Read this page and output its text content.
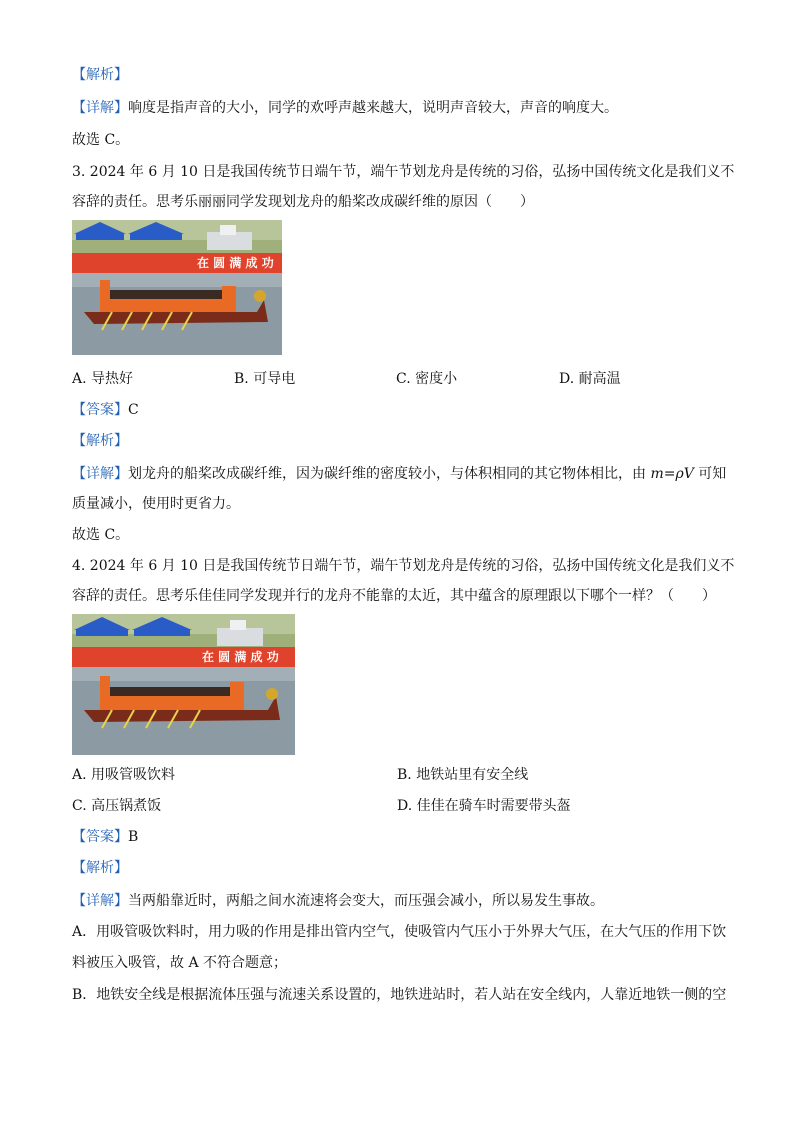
【解析】
【详解】响度是指声音的大小，同学的欢呼声越来越大，说明声音较大，声音的响度大。
故选 C。
3. 2024 年 6 月 10 日是我国传统节日端午节，端午节划龙舟是传统的习俗，弘扬中国传统文化是我们义不
容辞的责任。思考乐丽丽同学发现划龙舟的船桨改成碳纤维的原因（　　）
在 圆 满 成 功
A. 导热好	B. 可导电	C. 密度小	D. 耐高温
【答案】C
【解析】
【详解】划龙舟的船桨改成碳纤维，因为碳纤维的密度较小，与体积相同的其它物体相比，由 m=ρV 可知
质量减小，使用时更省力。
故选 C。
4. 2024 年 6 月 10 日是我国传统节日端午节，端午节划龙舟是传统的习俗，弘扬中国传统文化是我们义不
容辞的责任。思考乐佳佳同学发现并行的龙舟不能靠的太近，其中蕴含的原理跟以下哪个一样？（　　）
在 圆 满 成 功
A. 用吸管吸饮料	B. 地铁站里有安全线
C. 高压锅煮饭	D. 佳佳在骑车时需要带头盔
【答案】B
【解析】
【详解】当两船靠近时，两船之间水流速将会变大，而压强会减小，所以易发生事故。
A．用吸管吸饮料时，用力吸的作用是排出管内空气，使吸管内气压小于外界大气压，在大气压的作用下饮
料被压入吸管，故 A 不符合题意；
B．地铁安全线是根据流体压强与流速关系设置的，地铁进站时，若人站在安全线内，人靠近地铁一侧的空
